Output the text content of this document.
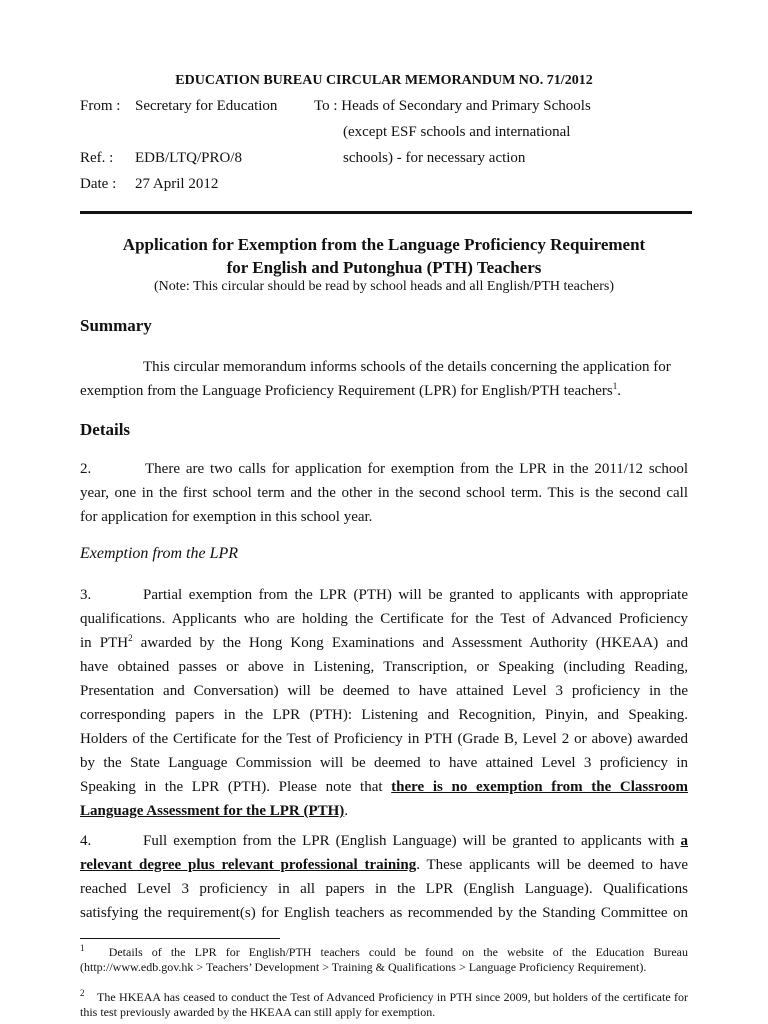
EDUCATION BUREAU CIRCULAR MEMORANDUM NO. 71/2012
From : Secretary for Education To : Heads of Secondary and Primary Schools
(except ESF schools and international
Ref. : EDB/LTQ/PRO/8	schools) - for necessary action
Date : 27 April 2012
Application for Exemption from the Language Proficiency Requirement
for English and Putonghua (PTH) Teachers
(Note: This circular should be read by school heads and all English/PTH teachers)
Summary
This circular memorandum informs schools of the details concerning the application for
exemption from the Language Proficiency Requirement (LPR) for English/PTH teachers$^1$.
Details
2.	There are two calls for application for exemption from the LPR in the 2011/12 school
year, one in the first school term and the other in the second school term. This is the second call
for application for exemption in this school year.
Exemption from the LPR
3.	Partial exemption from the LPR (PTH) will be granted to applicants with appropriate
qualifications. Applicants who are holding the Certificate for the Test of Advanced Proficiency
in PTH$^2$ awarded by the Hong Kong Examinations and Assessment Authority (HKEAA) and
have obtained passes or above in Listening, Transcription, or Speaking (including Reading,
Presentation and Conversation) will be deemed to have attained Level 3 proficiency in the
corresponding papers in the LPR (PTH): Listening and Recognition, Pinyin, and Speaking.
Holders of the Certificate for the Test of Proficiency in PTH (Grade B, Level 2 or above) awarded
by the State Language Commission will be deemed to have attained Level 3 proficiency in
Speaking in the LPR (PTH). Please note that there is no exemption from the Classroom
Language Assessment for the LPR (PTH).
4.	Full exemption from the LPR (English Language) will be granted to applicants with a
relevant degree plus relevant professional training. These applicants will be deemed to have
reached Level 3 proficiency in all papers in the LPR (English Language). Qualifications
satisfying the requirement(s) for English teachers as recommended by the Standing Committee on
$^1$ Details of the LPR for English/PTH teachers could be found on the website of the Education Bureau (http://www.edb.gov.hk > Teachers’ Development > Training & Qualifications > Language Proficiency Requirement).
$^2$ The HKEAA has ceased to conduct the Test of Advanced Proficiency in PTH since 2009, but holders of the certificate for this test previously awarded by the HKEAA can still apply for exemption.
